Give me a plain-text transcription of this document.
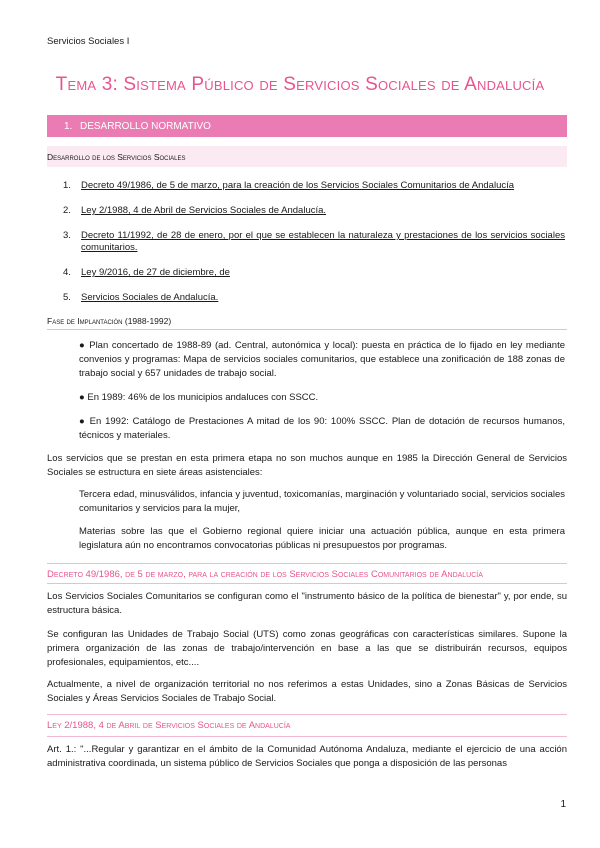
Servicios Sociales I
Tema 3: Sistema Público de Servicios Sociales de Andalucía
1. DESARROLLO NORMATIVO
Desarrollo de los Servicios Sociales
1.	Decreto 49/1986, de 5 de marzo, para la creación de los Servicios Sociales Comunitarios de Andalucía
2.	Ley 2/1988, 4 de Abril de Servicios Sociales de Andalucía.
3.	Decreto 11/1992, de 28 de enero, por el que se establecen la naturaleza y prestaciones de los servicios sociales comunitarios.
4.	Ley 9/2016, de 27 de diciembre, de
5.	Servicios Sociales de Andalucía.
Fase de Implantación (1988-1992)

● Plan concertado de 1988-89 (ad. Central, autonómica y local): puesta en práctica de lo fijado en ley mediante convenios y programas: Mapa de servicios sociales comunitarios, que establece una zonificación de 188 zonas de trabajo social y 657 unidades de trabajo social.

● En 1989: 46% de los municipios andaluces con SSCC.

● En 1992: Catálogo de Prestaciones A mitad de los 90: 100% SSCC. Plan de dotación de recursos humanos, técnicos y materiales.

Los servicios que se prestan en esta primera etapa no son muchos aunque en 1985 la Dirección General de Servicios Sociales se estructura en siete áreas asistenciales:

Tercera edad, minusválidos, infancia y juventud, toxicomanías, marginación y voluntariado social, servicios sociales comunitarios y servicios para la mujer,

Materias sobre las que el Gobierno regional quiere iniciar una actuación pública, aunque en esta primera legislatura aún no encontramos convocatorias públicas ni presupuestos por programas.

Decreto 49/1986, de 5 de marzo, para la creación de los Servicios Sociales Comunitarios de Andalucía

Los Servicios Sociales Comunitarios se configuran como el "instrumento básico de la política de bienestar" y, por ende, su estructura básica.

Se configuran las Unidades de Trabajo Social (UTS) como zonas geográficas con características similares. Supone la primera organización de las zonas de trabajo/intervención en base a las que se distribuirán recursos, equipos profesionales, equipamientos, etc....

Actualmente, a nivel de organización territorial no nos referimos a estas Unidades, sino a Zonas Básicas de Servicios Sociales y Áreas Servicios Sociales de Trabajo Social.

Ley 2/1988, 4 de Abril de Servicios Sociales de Andalucía

Art. 1.: "...Regular y garantizar en el ámbito de la Comunidad Autónoma Andaluza, mediante el ejercicio de una acción administrativa coordinada, un sistema público de Servicios Sociales que ponga a disposición de las personas

1
